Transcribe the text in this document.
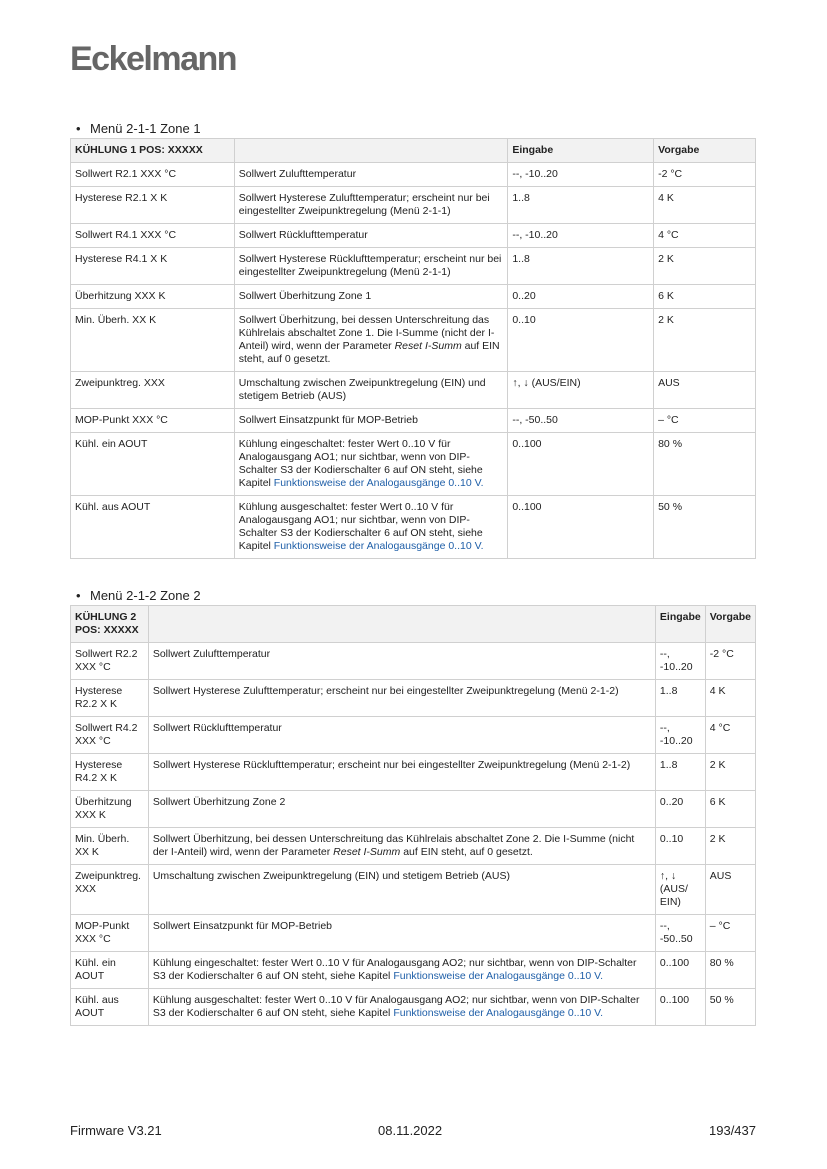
Eckelmann
• Menü 2-1-1 Zone 1
KÜHLUNG 1 POS: XXXXX		Eingabe	Vorgabe
Sollwert R2.1 XXX °C	Sollwert Zulufttemperatur	--, -10..20	-2 °C
Hysterese R2.1 X K	Sollwert Hysterese Zulufttemperatur; erscheint nur bei eingestellter Zweipunktregelung (Menü 2-1-1)	1..8	4 K
Sollwert R4.1 XXX °C	Sollwert Rücklufttemperatur	--, -10..20	4 °C
Hysterese R4.1 X K	Sollwert Hysterese Rücklufttemperatur; erscheint nur bei eingestellter Zweipunktregelung (Menü 2-1-1)	1..8	2 K
Überhitzung XXX K	Sollwert Überhitzung Zone 1	0..20	6 K
Min. Überh. XX K	Sollwert Überhitzung, bei dessen Unterschreitung das Kühlrelais abschaltet Zone 1. Die I-Summe (nicht der I-Anteil) wird, wenn der Parameter Reset I-Summ auf EIN steht, auf 0 gesetzt.	0..10	2 K
Zweipunktreg. XXX	Umschaltung zwischen Zweipunktregelung (EIN) und stetigem Betrieb (AUS)	↑, ↓ (AUS/EIN)	AUS
MOP-Punkt XXX °C	Sollwert Einsatzpunkt für MOP-Betrieb	--, -50..50	– °C
Kühl. ein AOUT	Kühlung eingeschaltet: fester Wert 0..10 V für Analogausgang AO1; nur sichtbar, wenn von DIP-Schalter S3 der Kodierschalter 6 auf ON steht, siehe Kapitel Funktionsweise der Analogausgänge 0..10 V.	0..100	80 %
Kühl. aus AOUT	Kühlung ausgeschaltet: fester Wert 0..10 V für Analogausgang AO1; nur sichtbar, wenn von DIP-Schalter S3 der Kodierschalter 6 auf ON steht, siehe Kapitel Funktionsweise der Analogausgänge 0..10 V.	0..100	50 %
• Menü 2-1-2 Zone 2
KÜHLUNG 2 POS: XXXXX		Eingabe	Vorgabe
Sollwert R2.2 XXX °C	Sollwert Zulufttemperatur	--, -10..20	-2 °C
Hysterese R2.2 X K	Sollwert Hysterese Zulufttemperatur; erscheint nur bei eingestellter Zweipunktregelung (Menü 2-1-2)	1..8	4 K
Sollwert R4.2 XXX °C	Sollwert Rücklufttemperatur	--, -10..20	4 °C
Hysterese R4.2 X K	Sollwert Hysterese Rücklufttemperatur; erscheint nur bei eingestellter Zweipunktregelung (Menü 2-1-2)	1..8	2 K
Überhitzung XXX K	Sollwert Überhitzung Zone 2	0..20	6 K
Min. Überh. XX K	Sollwert Überhitzung, bei dessen Unterschreitung das Kühlrelais abschaltet Zone 2. Die I-Summe (nicht der I-Anteil) wird, wenn der Parameter Reset I-Summ auf EIN steht, auf 0 gesetzt.	0..10	2 K
Zweipunktreg. XXX	Umschaltung zwischen Zweipunktregelung (EIN) und stetigem Betrieb (AUS)	↑, ↓ (AUS/ EIN)	AUS
MOP-Punkt XXX °C	Sollwert Einsatzpunkt für MOP-Betrieb	--, -50..50	– °C
Kühl. ein AOUT	Kühlung eingeschaltet: fester Wert 0..10 V für Analogausgang AO2; nur sichtbar, wenn von DIP-Schalter S3 der Kodierschalter 6 auf ON steht, siehe Kapitel Funktionsweise der Analogausgänge 0..10 V.	0..100	80 %
Kühl. aus AOUT	Kühlung ausgeschaltet: fester Wert 0..10 V für Analogausgang AO2; nur sichtbar, wenn von DIP-Schalter S3 der Kodierschalter 6 auf ON steht, siehe Kapitel Funktionsweise der Analogausgänge 0..10 V.	0..100	50 %
Firmware V3.21	08.11.2022	193/437
